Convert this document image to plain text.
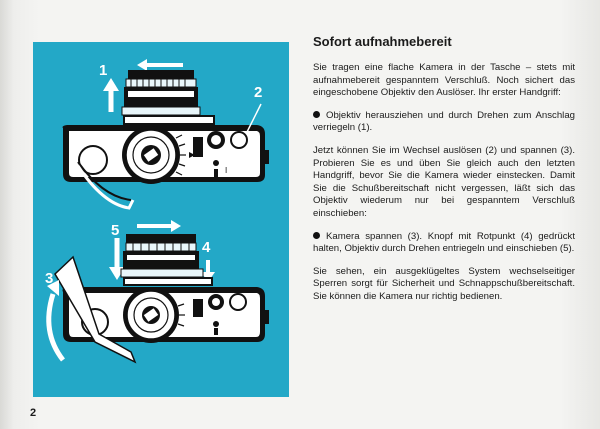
I
1
2
5
4
3
2
2
Sofort aufnahmebereit

Sie tragen eine flache Kamera in der Tasche – stets mit aufnahmebereit gespanntem Verschluß. Noch sichert das eingeschobene Objektiv den Auslöser. Ihr erster Handgriff:

Objektiv herausziehen und durch Drehen zum Anschlag verriegeln (1).

Jetzt können Sie im Wechsel auslösen (2) und spannen (3). Probieren Sie es und üben Sie gleich auch den letzten Handgriff, bevor Sie die Kamera wieder einstecken. Damit Sie die Schußbereitschaft nicht vergessen, läßt sich das Objektiv wiederum nur bei gespanntem Verschluß einschieben:

Kamera spannen (3). Knopf mit Rotpunkt (4) gedrückt halten, Objektiv durch Drehen entriegeln und einschieben (5).

Sie sehen, ein ausgeklügeltes System wechselseitiger Sperren sorgt für Sicherheit und Schnappschußbereitschaft. Sie können die Kamera nur richtig bedienen.
